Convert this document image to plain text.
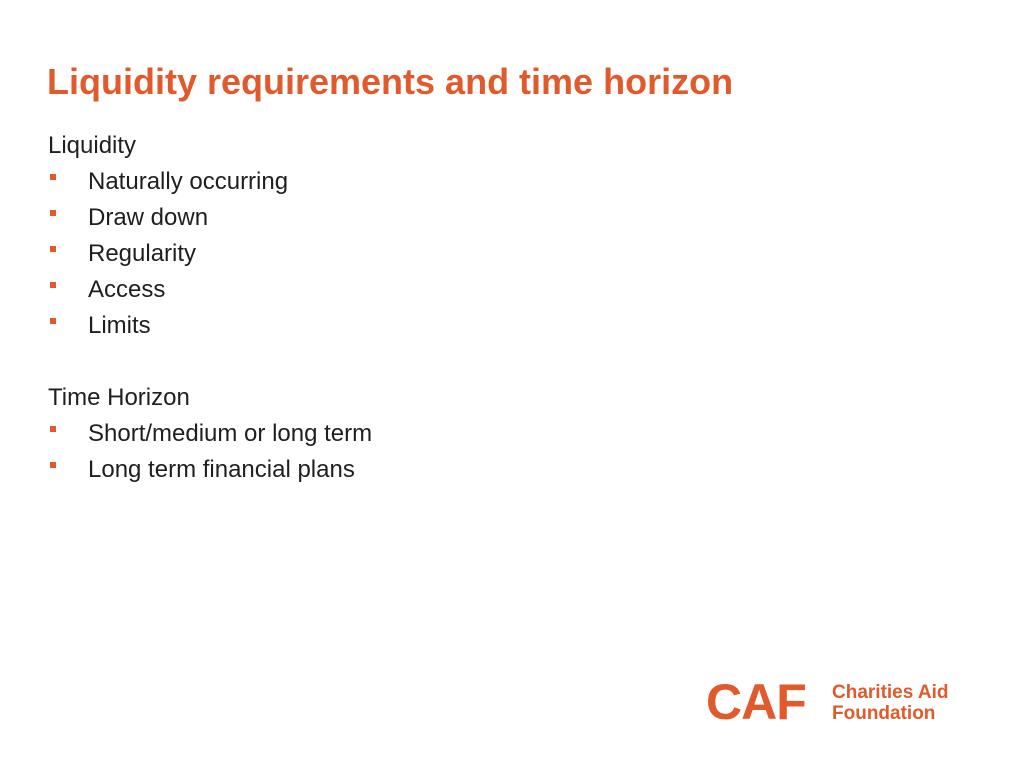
Liquidity requirements and time horizon

Liquidity

Naturally occurring
Draw down
Regularity
Access
Limits

Time Horizon

Short/medium or long term
Long term financial plans
CAF Charities Aid
Foundation
